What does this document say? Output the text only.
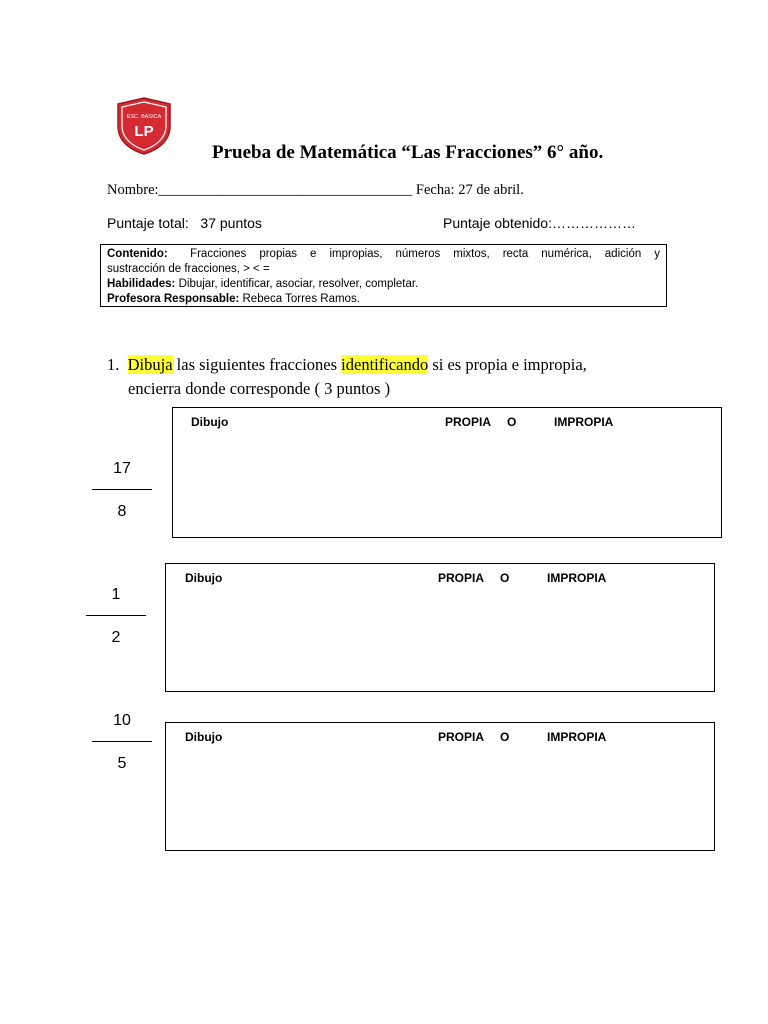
ESC. BASICA
LP
Prueba de Matemática “Las Fracciones” 6° año.
Nombre:___________________________________ Fecha: 27 de abril.
Puntaje total: 37 puntos	Puntaje obtenido:………………
Contenido:
Fracciones propias e impropias, números mixtos, recta numérica, adición y
sustracción de fracciones, > < =
Habilidades: Dibujar, identificar, asociar, resolver, completar.
Profesora Responsable: Rebeca Torres Ramos.
1. Dibuja las siguientes fracciones identificando si es propia e impropia,
encierra donde corresponde ( 3 puntos )
17
8
Dibujo	PROPIA O	IMPROPIA
1
2
Dibujo	PROPIA O	IMPROPIA
10
5
Dibujo	PROPIA O	IMPROPIA
